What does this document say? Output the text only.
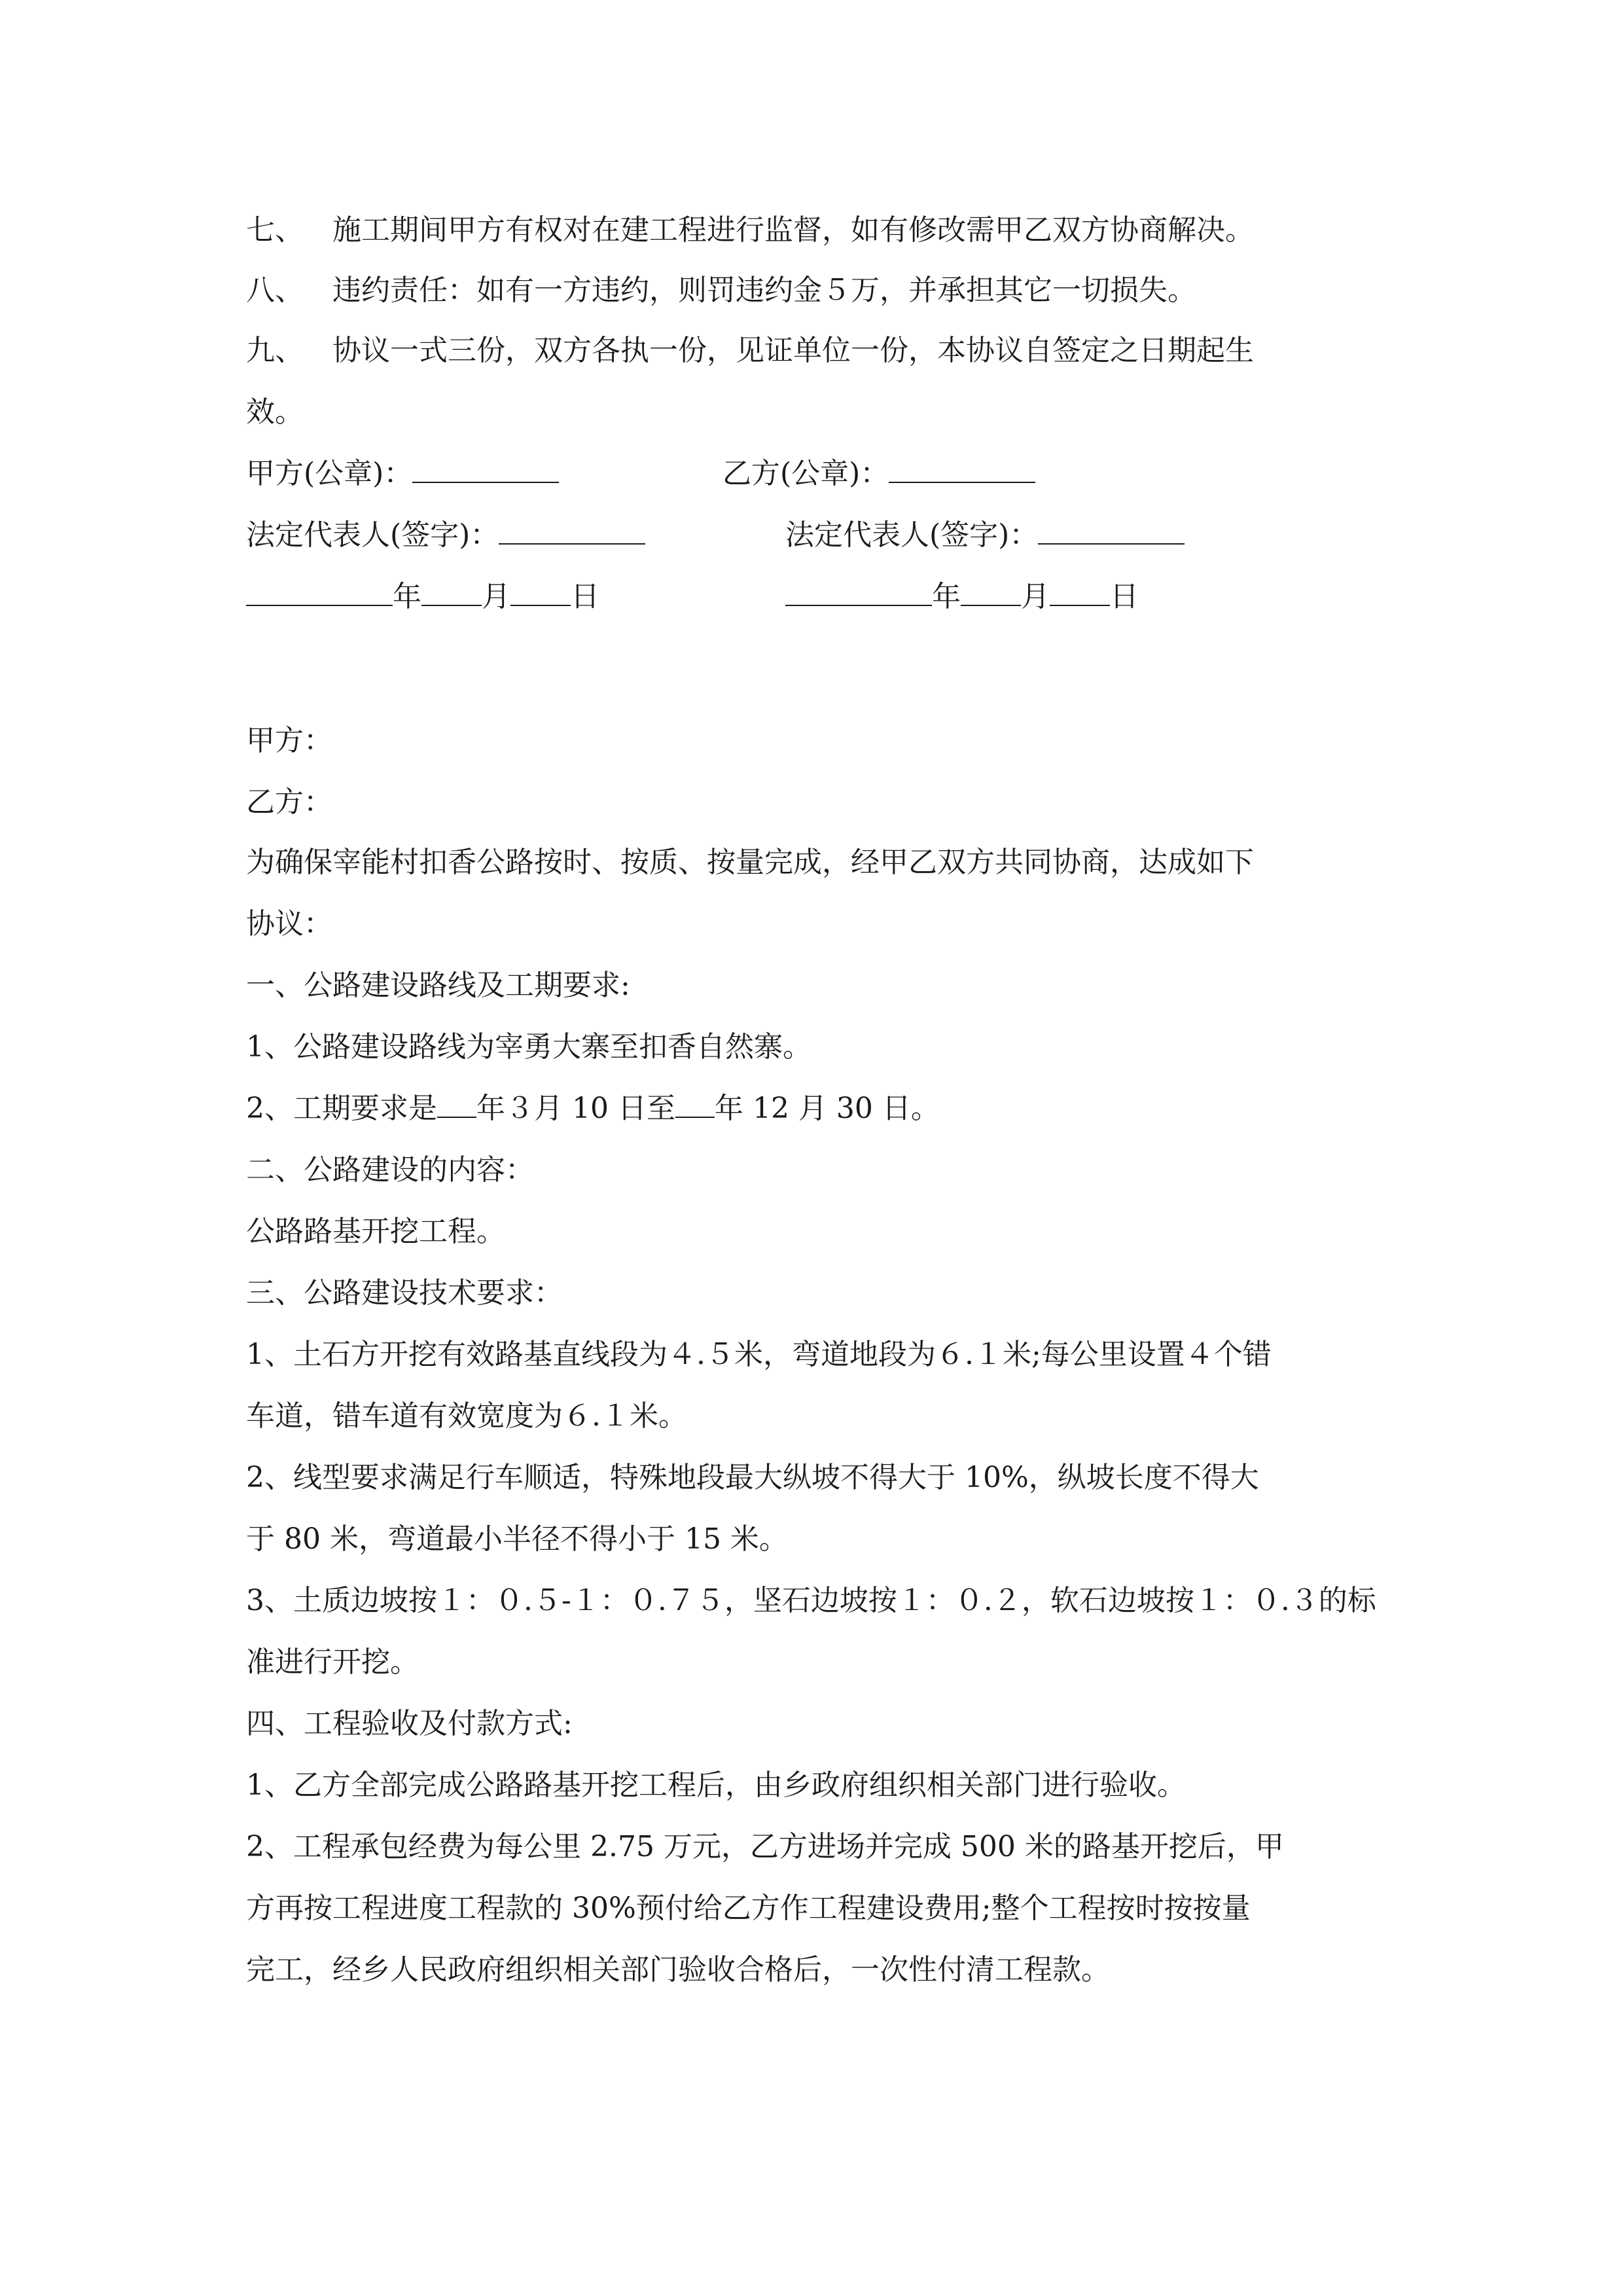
七、 施工期间甲方有权对在建工程进行监督，如有修改需甲乙双方协商解决。
八、 违约责任：如有一方违约，则罚违约金５万，并承担其它一切损失。
九、 协议一式三份，双方各执一份，见证单位一份，本协议自签定之日期起生
效。
甲方(公章)：	乙方(公章)：
法定代表人(签字)：	法定代表人(签字)：
年 月 日	年 月 日
甲方：
乙方：
为确保宰能村扣香公路按时、按质、按量完成，经甲乙双方共同协商，达成如下
协议：
一、公路建设路线及工期要求:
1、公路建设路线为宰勇大寨至扣香自然寨。
2、工期要求是 年３月 10 日至 年 12 月 30 日。
二、公路建设的内容：
公路路基开挖工程。
三、公路建设技术要求：
1、土石方开挖有效路基直线段为４.５米，弯道地段为６.１米;每公里设置４个错
车道，错车道有效宽度为６.１米。
2、线型要求满足行车顺适，特殊地段最大纵坡不得大于 10%，纵坡长度不得大
于 80 米，弯道最小半径不得小于 15 米。
3、土质边坡按１：０.５-１：０.７５，坚石边坡按１：０.２，软石边坡按１：０.３的标
准进行开挖。
四、工程验收及付款方式:
1、乙方全部完成公路路基开挖工程后，由乡政府组织相关部门进行验收。
2、工程承包经费为每公里 2.75 万元，乙方进场并完成 500 米的路基开挖后，甲
方再按工程进度工程款的 30%预付给乙方作工程建设费用;整个工程按时按按量
完工，经乡人民政府组织相关部门验收合格后，一次性付清工程款。
